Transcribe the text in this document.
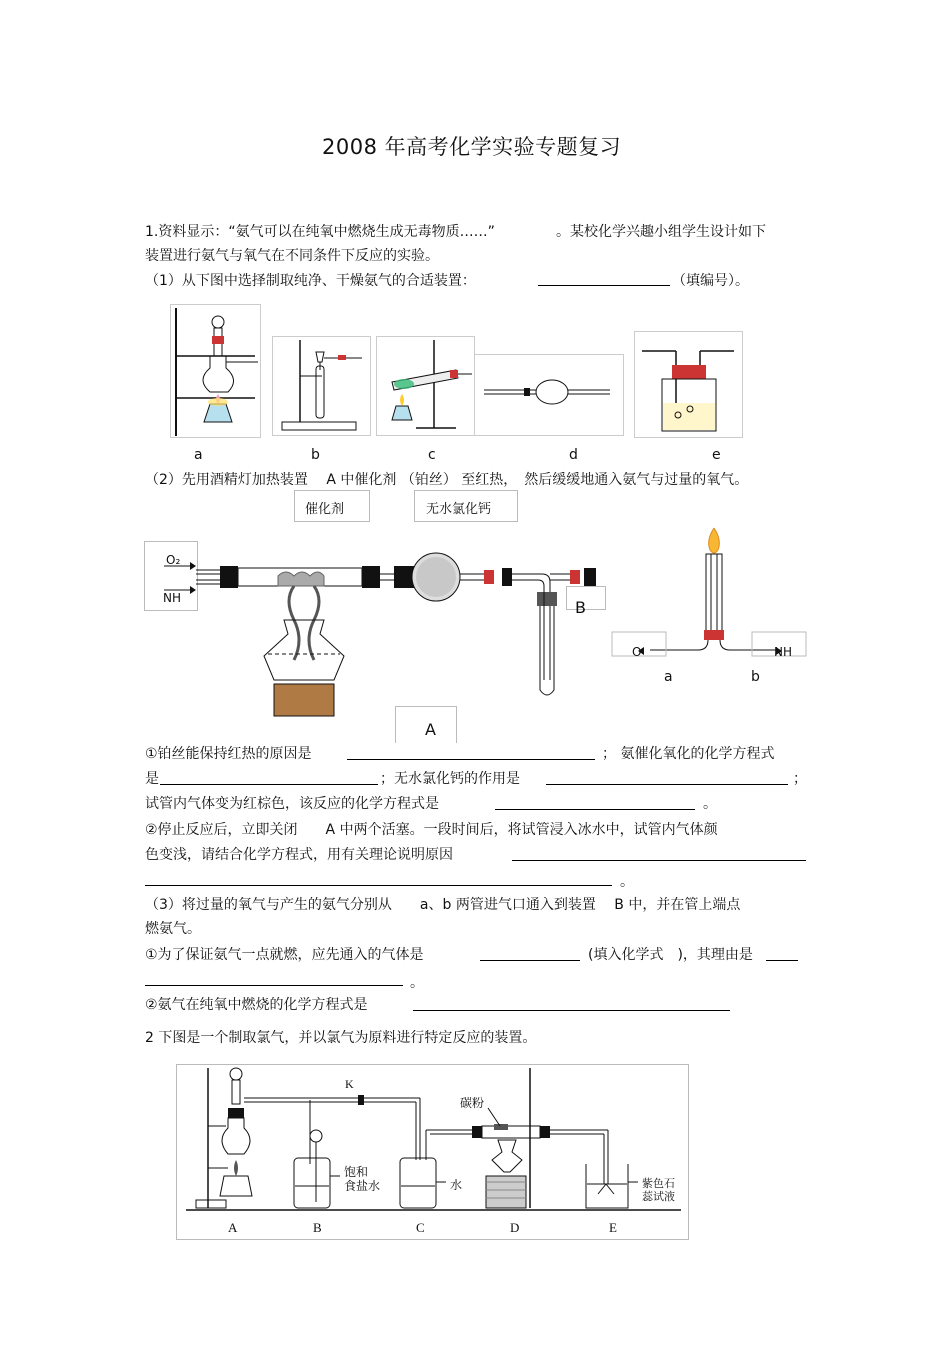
2008 年高考化学实验专题复习
1.资料显示：“氨气可以在纯氧中燃烧生成无毒物质……”	。某校化学兴趣小组学生设计如下
装置进行氨气与氧气在不同条件下反应的实验。
（1）从下图中选择制取纯净、干燥氨气的合适装置：	（填编号）。
a	b	c	d	e
（2）先用酒精灯加热装置　 A 中催化剂 （铂丝） 至红热，　然后缓缓地通入氨气与过量的氧气。
催化剂	无水氯化钙
O₂
NH	B
A
O	NH
a	b
①铂丝能保持红热的原因是	； 氨催化氧化的化学方程式
是	；无水氯化钙的作用是	；
试管内气体变为红棕色，该反应的化学方程式是	。
②停止反应后，立即关闭　　A 中两个活塞。一段时间后，将试管浸入冰水中，试管内气体颜
色变浅，请结合化学方程式，用有关理论说明原因
。
（3）将过量的氧气与产生的氨气分别从　　a、b 两管进气口通入到装置　 B 中，并在管上端点
燃氨气。
①为了保证氨气一点就燃，应先通入的气体是	(填入化学式　)，其理由是
。
②氨气在纯氧中燃烧的化学方程式是
2 下图是一个制取氯气，并以氯气为原料进行特定反应的装置。
K
碳粉
饱和
食盐水	水	紫色石
蕊试液
A	B	C	D	E
